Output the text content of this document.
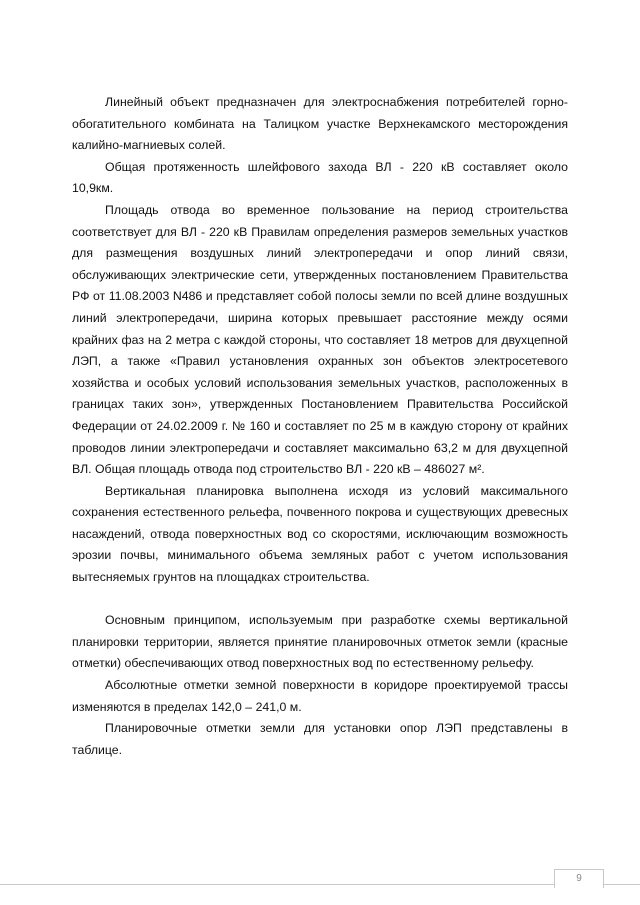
Линейный объект предназначен для электроснабжения потребителей горно-обогатительного комбината на Талицком участке Верхнекамского месторождения калийно-магниевых солей.

Общая протяженность шлейфового захода ВЛ - 220 кВ составляет около 10,9км.

Площадь отвода во временное пользование на период строительства соответствует для ВЛ - 220 кВ Правилам определения размеров земельных участков для размещения воздушных линий электропередачи и опор линий связи, обслуживающих электрические сети, утвержденных постановлением Правительства РФ от 11.08.2003 N486 и представляет собой полосы земли по всей длине воздушных линий электропередачи, ширина которых превышает расстояние между осями крайних фаз на 2 метра с каждой стороны, что составляет 18 метров для двухцепной ЛЭП, а также «Правил установления охранных зон объектов электросетевого хозяйства и особых условий использования земельных участков, расположенных в границах таких зон», утвержденных Постановлением Правительства Российской Федерации от 24.02.2009 г. № 160 и составляет по 25 м в каждую сторону от крайних проводов линии электропередачи и составляет максимально 63,2 м для двухцепной ВЛ. Общая площадь отвода под строительство ВЛ - 220 кВ – 486027 м².

Вертикальная планировка выполнена исходя из условий максимального сохранения естественного рельефа, почвенного покрова и существующих древесных насаждений, отвода поверхностных вод со скоростями, исключающим возможность эрозии почвы, минимального объема земляных работ с учетом использования вытесняемых грунтов на площадках строительства.

Основным принципом, используемым при разработке схемы вертикальной планировки территории, является принятие планировочных отметок земли (красные отметки) обеспечивающих отвод поверхностных вод по естественному рельефу.

Абсолютные отметки земной поверхности в коридоре проектируемой трассы изменяются в пределах 142,0 – 241,0 м.

Планировочные отметки земли для установки опор ЛЭП представлены в таблице.

9
